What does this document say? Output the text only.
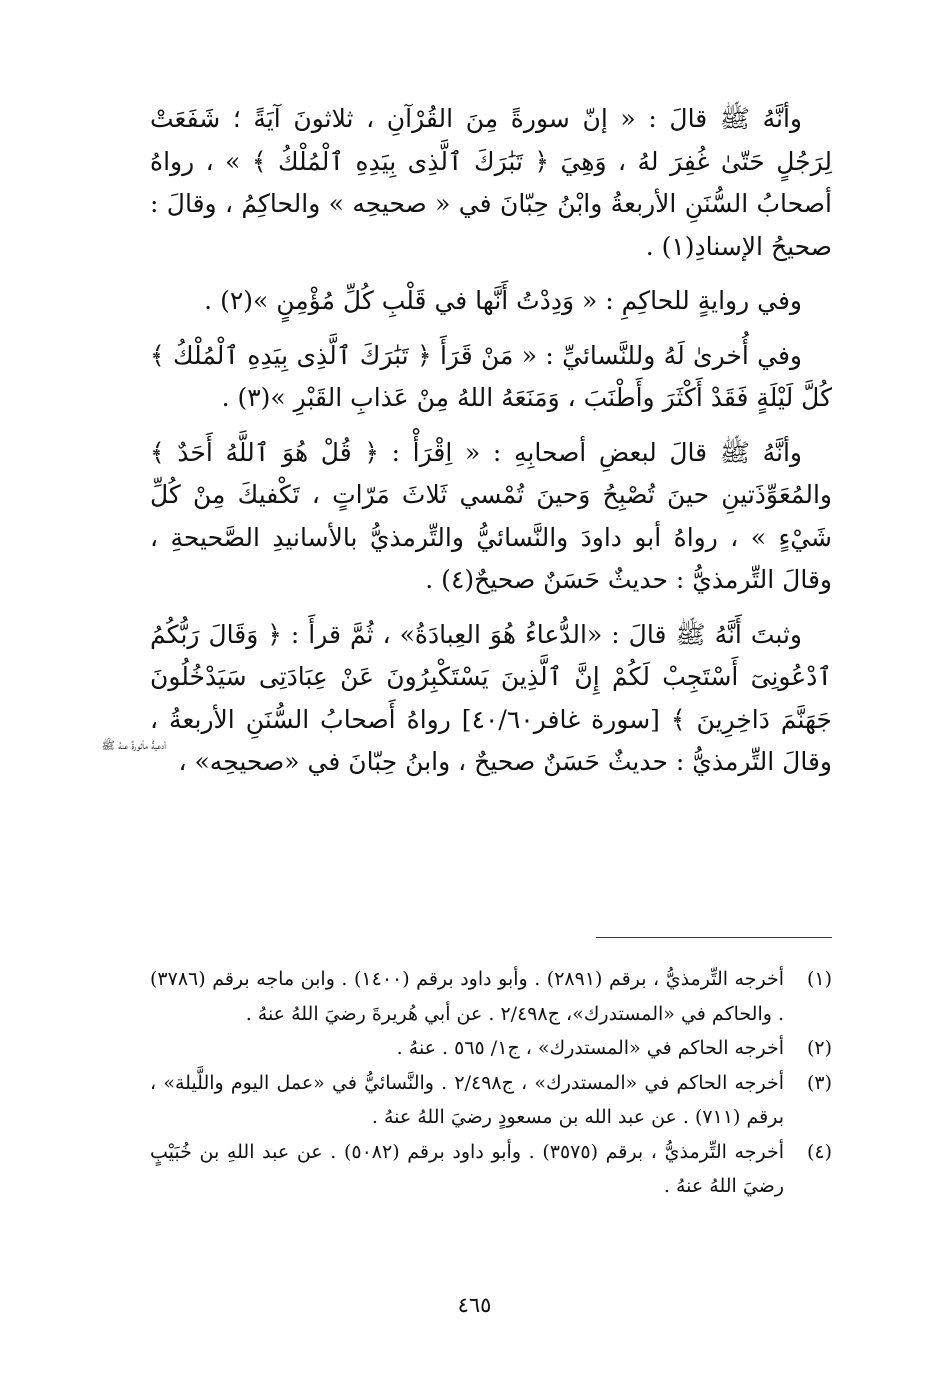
وأنَّهُ ﷺ قالَ : « إنّ سورةً مِنَ القُرْآنِ ، ثلاثونَ آيَةً ؛ شَفَعَتْ لِرَجُلٍ حَتّىٰ غُفِرَ لهُ ، وَهِيَ ﴿ تَبَٰرَكَ ٱلَّذِى بِيَدِهِ ٱلْمُلْكُ ﴾ » ، رواهُ أصحابُ السُّنَنِ الأربعةُ وابْنُ حِبّانَ في « صحيحِه » والحاكِمُ ، وقالَ : صحيحُ الإسنادِ(١) .

وفي روايةٍ للحاكِمِ : « وَدِدْتُ أَنَّها في قَلْبِ كُلِّ مُؤْمِنٍ »(٢) .

وفي أُخرىٰ لَهُ وللنَّسائيِّ : « مَنْ قَرَأَ ﴿ تَبَٰرَكَ ٱلَّذِى بِيَدِهِ ٱلْمُلْكُ ﴾ كُلَّ لَيْلَةٍ فَقَدْ أَكْثَرَ وأَطْنَبَ ، وَمَنَعَهُ اللهُ مِنْ عَذابِ القَبْرِ »(٣) .

وأنَّهُ ﷺ قالَ لبعضِ أصحابِهِ : « اِقْرَأْ : ﴿ قُلْ هُوَ ٱللَّهُ أَحَدٌ ﴾ والمُعَوِّذَتينِ حينَ تُصْبِحُ وَحينَ تُمْسي ثَلاثَ مَرّاتٍ ، تَكْفيكَ مِنْ كُلِّ شَيْءٍ » ، رواهُ أبو داودَ والنَّسائيُّ والتِّرمذيُّ بالأسانيدِ الصَّحيحةِ ، وقالَ التِّرمذيُّ : حديثٌ حَسَنٌ صحيحٌ(٤) .

وثبتَ أَنَّهُ ﷺ قالَ : «الدُّعاءُ هُوَ العِبادَةُ» ، ثُمَّ قرأَ : ﴿ وَقَالَ رَبُّكُمُ ٱدْعُونِىٓ أَسْتَجِبْ لَكُمْ إِنَّ ٱلَّذِينَ يَسْتَكْبِرُونَ عَنْ عِبَادَتِى سَيَدْخُلُونَ جَهَنَّمَ دَاخِرِينَ ﴾ [سورة غافر٤٠/٦٠] رواهُ أَصحابُ السُّنَنِ الأربعةُ ، وقالَ التِّرمذيُّ : حديثٌ حَسَنٌ صحيحٌ ، وابنُ حِبّانَ في «صحيحِه» ،

أدعيةٌ مأثورةٌ عنهُ ﷺ
(١)
أخرجه التِّرمذيُّ ، برقم (٢٨٩١) . وأبو داود برقم (١٤٠٠) . وابن ماجه برقم (٣٧٨٦) . والحاكم في «المستدرك»، ج٢/٤٩٨ . عن أبي هُريرةَ رضيَ اللهُ عنهُ .
(٢)
أخرجه الحاكم في «المستدرك» ، ج١/ ٥٦٥ . عنهُ .
(٣)
أخرجه الحاكم في «المستدرك» ، ج٢/٤٩٨ . والنَّسائيُّ في «عمل اليوم واللَّيلة» ، برقم (٧١١) . عن عبد الله بن مسعودٍ رضيَ اللهُ عنهُ .
(٤)
أخرجه التِّرمذيُّ ، برقم (٣٥٧٥) . وأبو داود برقم (٥٠٨٢) . عن عبد اللهِ بن خُبَيْبٍ رضيَ اللهُ عنهُ .
٤٦٥
